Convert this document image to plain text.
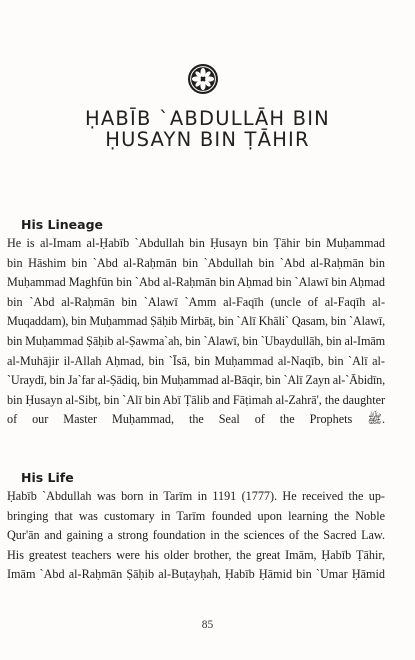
ḤABĪB `ABDULLĀH BIN
ḤUSAYN BIN ṬĀHIR
His Lineage
He is al-Imam al-Ḥabīb `Abdullah bin Ḥusayn bin Ṭāhir bin Muḥammad
bin Hāshim bin `Abd al-Raḥmān bin `Abdullah bin `Abd al-Raḥmān bin
Muḥammad Maghfūn bin `Abd al-Raḥmān bin Aḥmad bin `Alawī bin Aḥmad
bin `Abd al-Raḥmān bin `Alawī `Amm al-Faqīh (uncle of al-Faqīh al-
Muqaddam), bin Muḥammad Ṣāḥib Mirbāṭ, bin `Alī Khāli` Qasam, bin `Alawī,
bin Muḥammad Ṣāḥib al-Ṣawma`ah, bin `Alawī, bin `Ubaydullāh, bin al-Imām
al-Muhājir il-Allah Aḥmad, bin `Īsā, bin Muḥammad al-Naqīb, bin `Alī al-
`Uraydī, bin Ja`far al-Ṣādiq, bin Muḥammad al-Bāqir, bin `Alī Zayn al-`Ābidīn,
bin Ḥusayn al-Sibṭ, bin `Alī bin Abī Ṭālib and Fāṭimah al-Zahrā', the daughter
of our Master Muḥammad, the Seal of the Prophets ﷺ.
His Life
Ḥabīb `Abdullah was born in Tarīm in 1191 (1777). He received the up-
bringing that was customary in Tarīm founded upon learning the Noble
Qur'ān and gaining a strong foundation in the sciences of the Sacred Law.
His greatest teachers were his older brother, the great Imām, Ḥabīb Ṭāhir,
Imām `Abd al-Raḥmān Ṣāḥib al-Buṭayḥah, Ḥabīb Ḥāmid bin `Umar Ḥāmid
85
